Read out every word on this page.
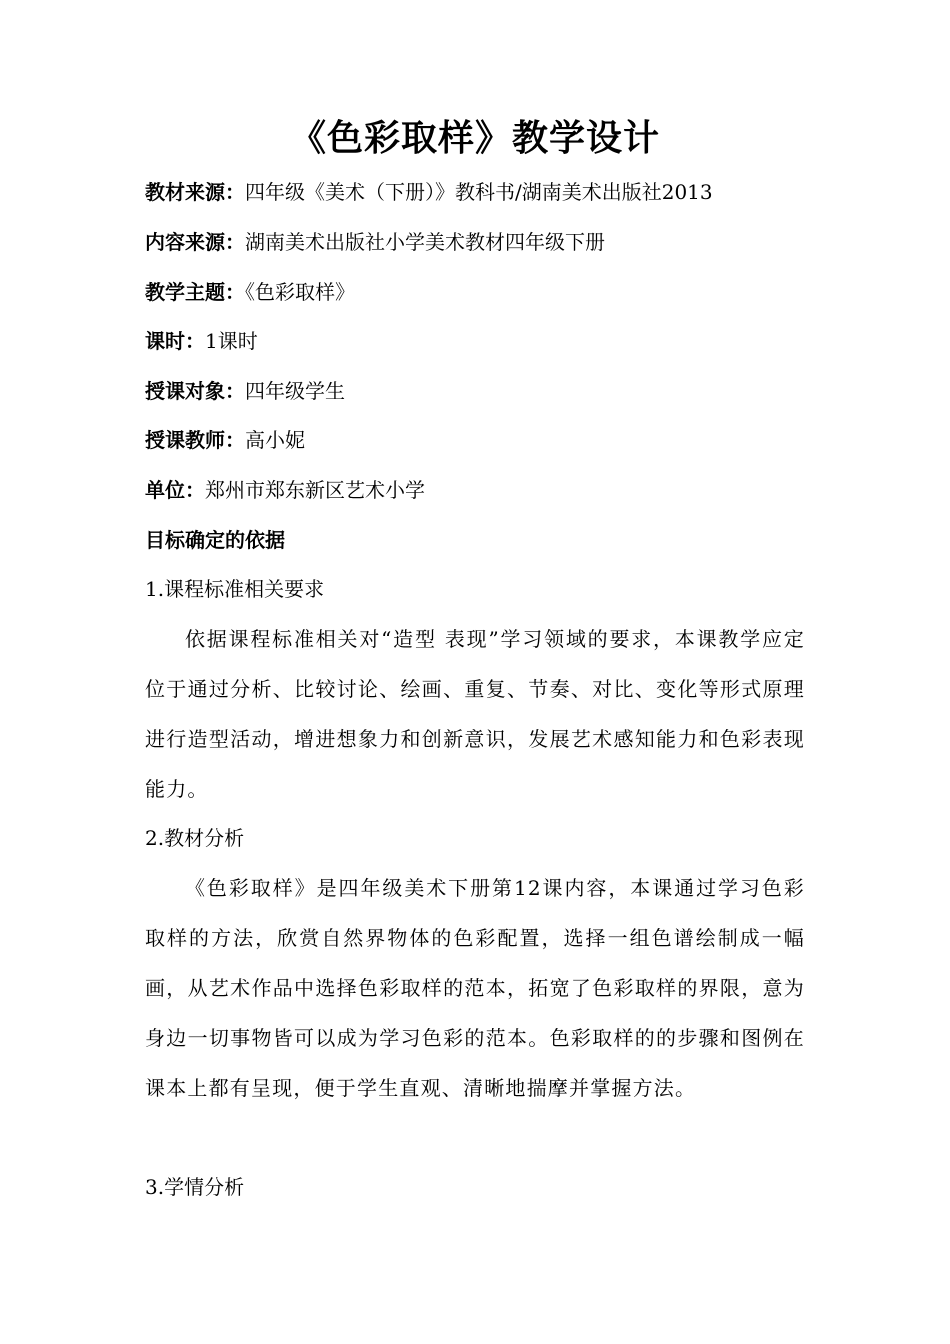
《色彩取样》教学设计
教材来源：四年级《美术（下册）》教科书/湖南美术出版社2013
内容来源：湖南美术出版社小学美术教材四年级下册
教学主题：《色彩取样》
课时：1课时
授课对象：四年级学生
授课教师：高小妮
单位：郑州市郑东新区艺术小学
目标确定的依据
1.课程标准相关要求
依据课程标准相关对“造型 表现”学习领域的要求，本课教学应定位于通过分析、比较讨论、绘画、重复、节奏、对比、变化等形式原理进行造型活动，增进想象力和创新意识，发展艺术感知能力和色彩表现能力。
2.教材分析
《色彩取样》是四年级美术下册第12课内容，本课通过学习色彩取样的方法，欣赏自然界物体的色彩配置，选择一组色谱绘制成一幅画，从艺术作品中选择色彩取样的范本，拓宽了色彩取样的界限，意为身边一切事物皆可以成为学习色彩的范本。色彩取样的的步骤和图例在课本上都有呈现，便于学生直观、清晰地揣摩并掌握方法。
3.学情分析
